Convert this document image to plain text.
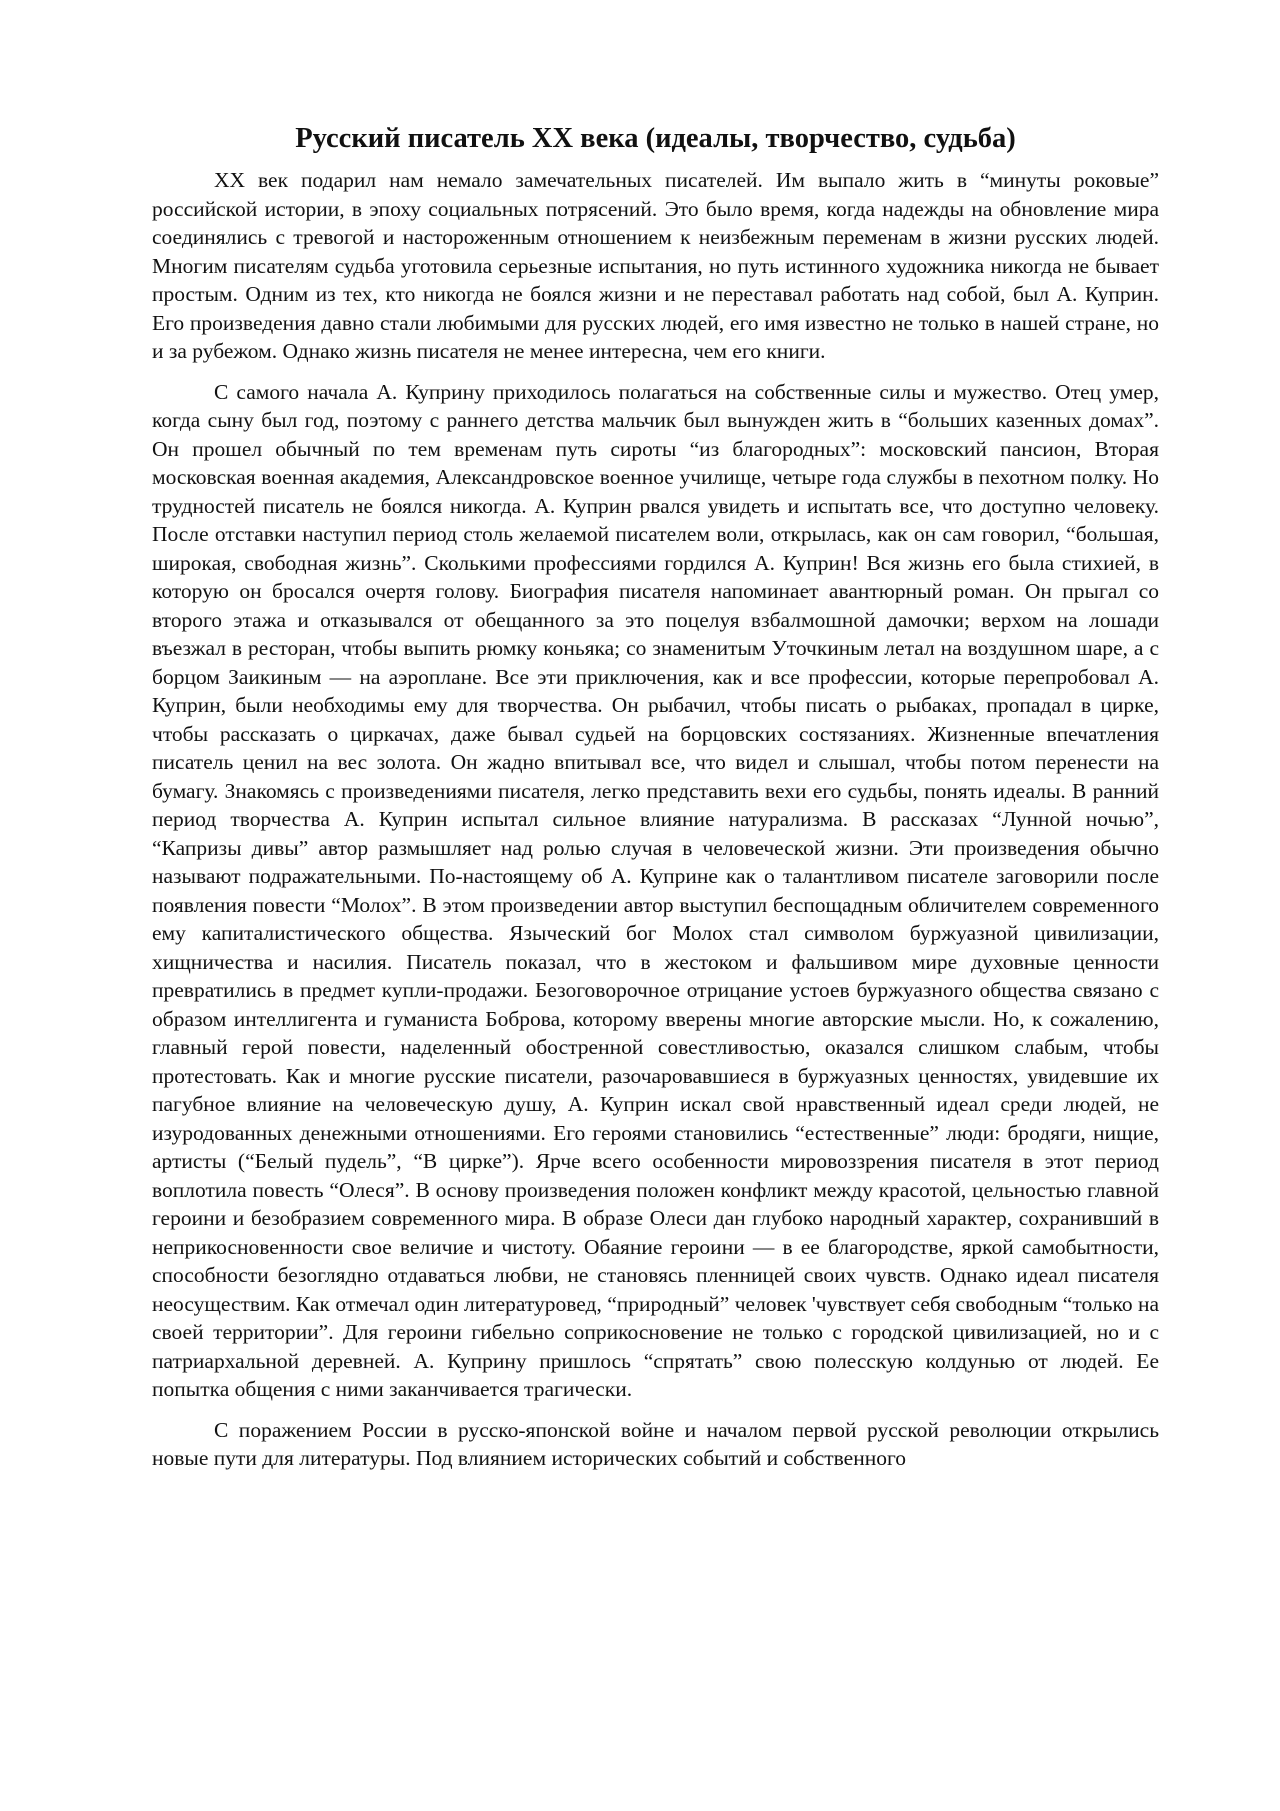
Русский писатель XX века (идеалы, творчество, судьба)

XX век подарил нам немало замечательных писателей. Им выпало жить в “минуты роковые” российской истории, в эпоху социальных потрясений. Это было время, когда надежды на обновление мира соединялись с тревогой и настороженным отношением к неизбежным переменам в жизни русских людей. Многим писателям судьба уготовила серьезные испытания, но путь истинного художника никогда не бывает простым. Одним из тех, кто никогда не боялся жизни и не переставал работать над собой, был А. Куприн. Его произведения давно стали любимыми для русских людей, его имя известно не только в нашей стране, но и за рубежом. Однако жизнь писателя не менее интересна, чем его книги.

С самого начала А. Куприну приходилось полагаться на собственные силы и мужество. Отец умер, когда сыну был год, поэтому с раннего детства мальчик был вынужден жить в “больших казенных домах”. Он прошел обычный по тем временам путь сироты “из благородных”: московский пансион, Вторая московская военная академия, Александровское военное училище, четыре года службы в пехотном полку. Но трудностей писатель не боялся никогда. А. Куприн рвался увидеть и испытать все, что доступно человеку. После отставки наступил период столь желаемой писателем воли, открылась, как он сам говорил, “большая, широкая, свободная жизнь”. Сколькими профессиями гордился А. Куприн! Вся жизнь его была стихией, в которую он бросался очертя голову. Биография писателя напоминает авантюрный роман. Он прыгал со второго этажа и отказывался от обещанного за это поцелуя взбалмошной дамочки; верхом на лошади въезжал в ресторан, чтобы выпить рюмку коньяка; со знаменитым Уточкиным летал на воздушном шаре, а с борцом Заикиным — на аэроплане. Все эти приключения, как и все профессии, которые перепробовал А. Куприн, были необходимы ему для творчества. Он рыбачил, чтобы писать о рыбаках, пропадал в цирке, чтобы рассказать о циркачах, даже бывал судьей на борцовских состязаниях. Жизненные впечатления писатель ценил на вес золота. Он жадно впитывал все, что видел и слышал, чтобы потом перенести на бумагу. Знакомясь с произведениями писателя, легко представить вехи его судьбы, понять идеалы. В ранний период творчества А. Куприн испытал сильное влияние натурализма. В рассказах “Лунной ночью”, “Капризы дивы” автор размышляет над ролью случая в человеческой жизни. Эти произведения обычно называют подражательными. По-настоящему об А. Куприне как о талантливом писателе заговорили после появления повести “Молох”. В этом произведении автор выступил беспощадным обличителем современного ему капиталистического общества. Языческий бог Молох стал символом буржуазной цивилизации, хищничества и насилия. Писатель показал, что в жестоком и фальшивом мире духовные ценности превратились в предмет купли-продажи. Безоговорочное отрицание устоев буржуазного общества связано с образом интеллигента и гуманиста Боброва, которому вверены многие авторские мысли. Но, к сожалению, главный герой повести, наделенный обостренной совестливостью, оказался слишком слабым, чтобы протестовать. Как и многие русские писатели, разочаровавшиеся в буржуазных ценностях, увидевшие их пагубное влияние на человеческую душу, А. Куприн искал свой нравственный идеал среди людей, не изуродованных денежными отношениями. Его героями становились “естественные” люди: бродяги, нищие, артисты (“Белый пудель”, “В цирке”). Ярче всего особенности мировоззрения писателя в этот период воплотила повесть “Олеся”. В основу произведения положен конфликт между красотой, цельностью главной героини и безобразием современного мира. В образе Олеси дан глубоко народный характер, сохранивший в неприкосновенности свое величие и чистоту. Обаяние героини — в ее благородстве, яркой самобытности, способности безоглядно отдаваться любви, не становясь пленницей своих чувств. Однако идеал писателя неосуществим. Как отмечал один литературовед, “природный” человек 'чувствует себя свободным “только на своей территории”. Для героини гибельно соприкосновение не только с городской цивилизацией, но и с патриархальной деревней. А. Куприну пришлось “спрятать” свою полесскую колдунью от людей. Ее попытка общения с ними заканчивается трагически.

С поражением России в русско-японской войне и началом первой русской революции открылись новые пути для литературы. Под влиянием исторических событий и собственного
